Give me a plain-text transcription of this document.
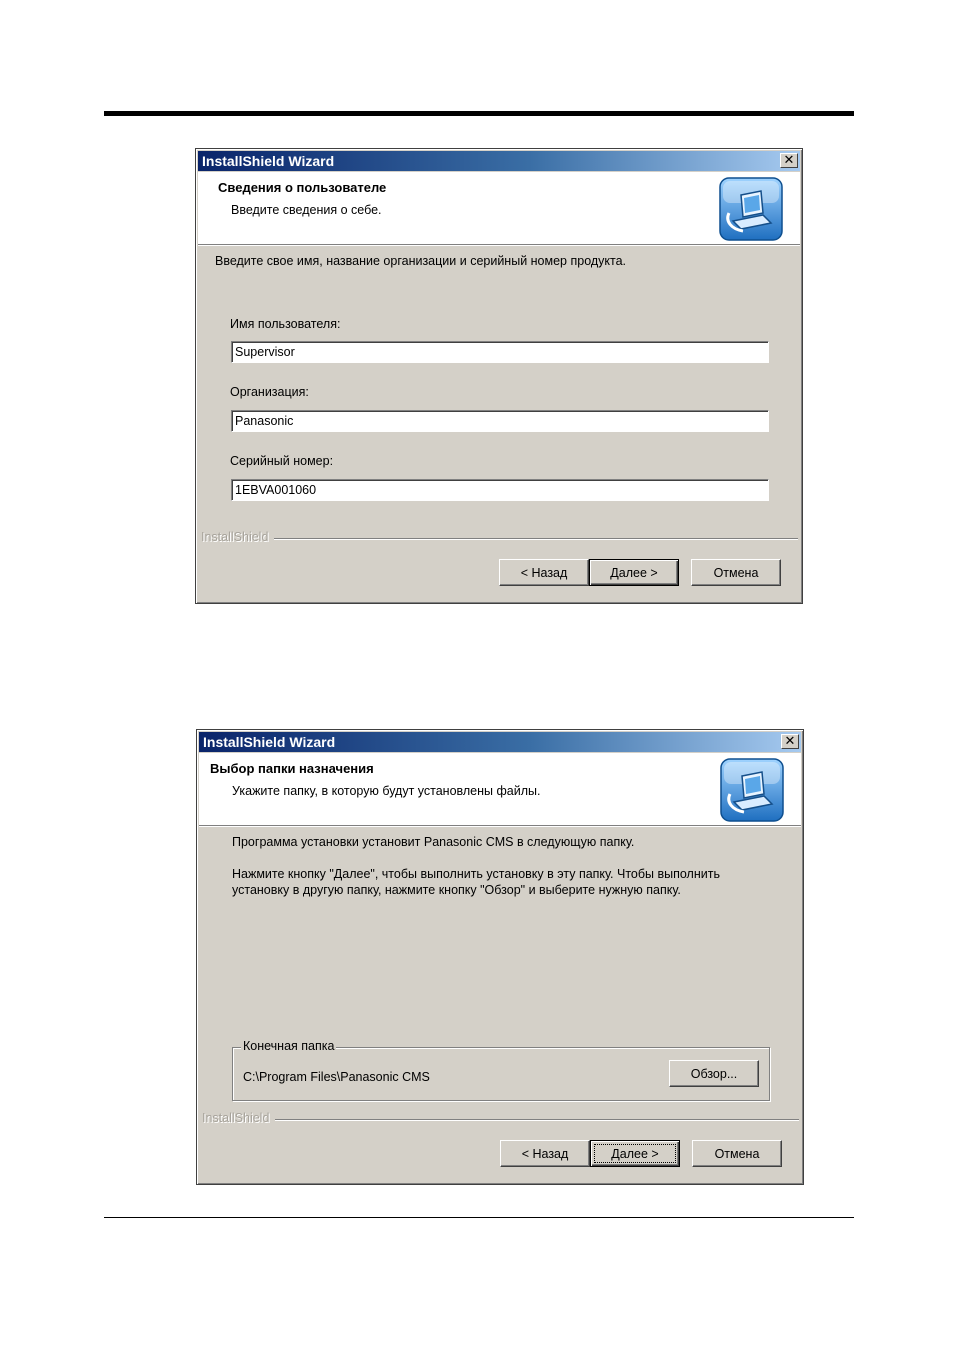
InstallShield Wizard	✕
Сведения о пользователе
Введите сведения о себе.
Введите свое имя, название организации и серийный номер продукта.
Имя пользователя:
Supervisor
Организация:
Panasonic
Серийный номер:
1EBVA001060
InstallShield
< Назад	Далее >	Отмена
InstallShield Wizard	✕
Выбор папки назначения
Укажите папку, в которую будут установлены файлы.
Программа установки установит Panasonic CMS в следующую папку.
Нажмите кнопку "Далее", чтобы выполнить установку в эту папку. Чтобы выполнить установку в другую папку, нажмите кнопку "Обзор" и выберите нужную папку.
Конечная папка
C:\Program Files\Panasonic CMS	Обзор...
InstallShield
< Назад	Далее >	Отмена
